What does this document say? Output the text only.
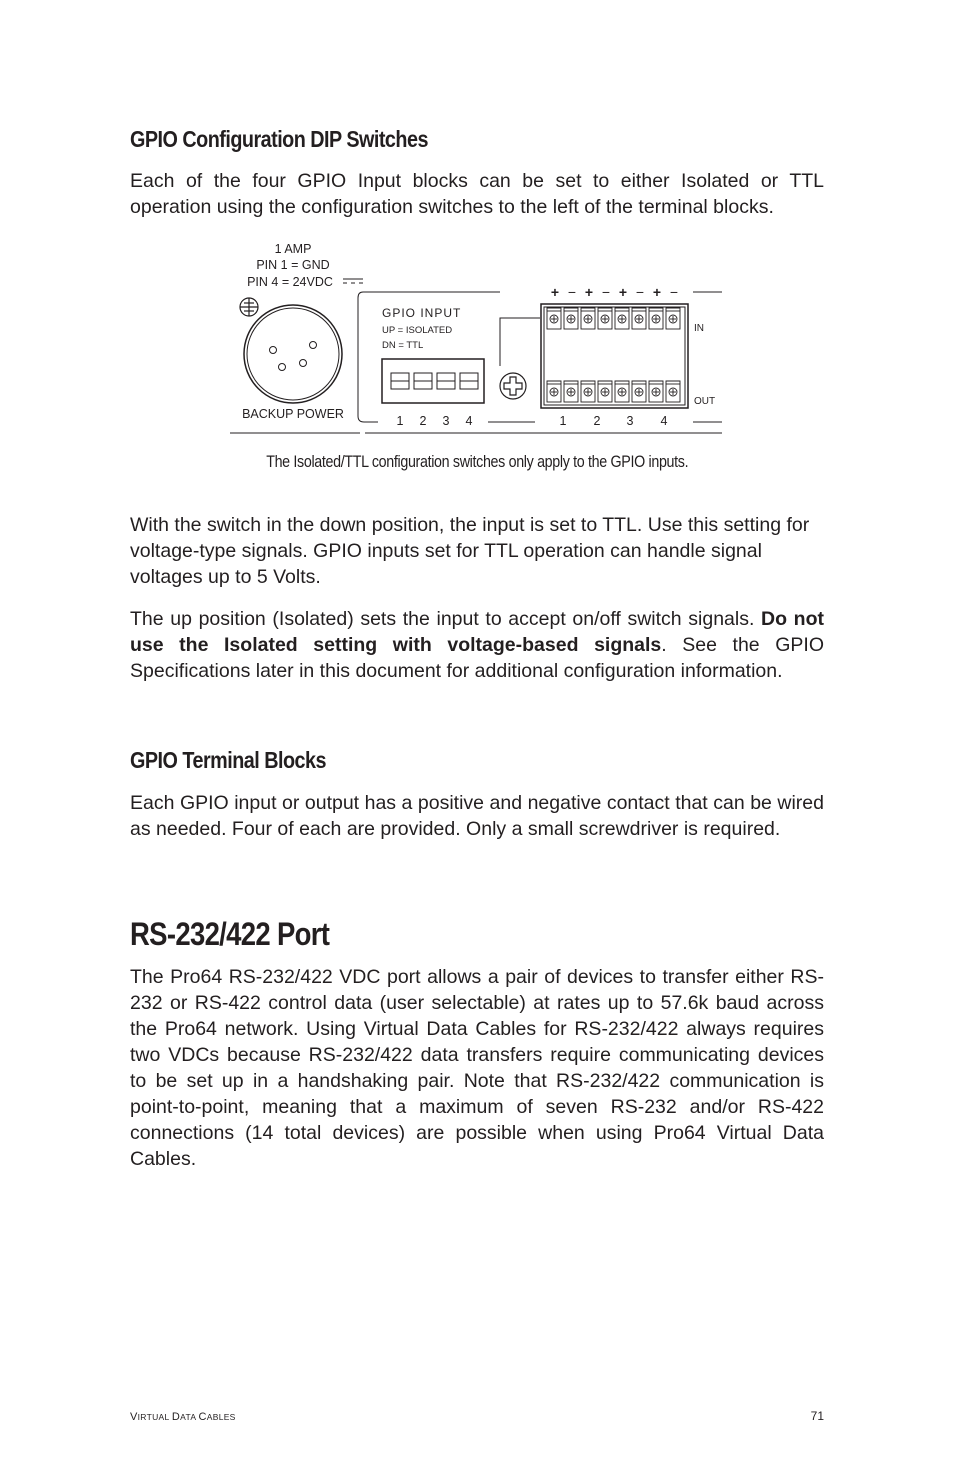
GPIO Configuration DIP Switches

Each of the four GPIO Input blocks can be set to either Isolated or TTL operation using the configuration switches to the left of the terminal blocks.

1 AMP
PIN 1 = GND
PIN 4 = 24VDC
BACKUP POWER
GPIO INPUT
UP = ISOLATED
DN = TTL
1 2 3 4
+ − + − + − + −
1 2 3 4
IN
OUT
The Isolated/TTL configuration switches only apply to the GPIO inputs.

With the switch in the down position, the input is set to TTL. Use this setting for voltage-type signals. GPIO inputs set for TTL operation can handle signal voltages up to 5 Volts.

The up position (Isolated) sets the input to accept on/off switch signals. Do not use the Isolated setting with voltage-based signals. See the GPIO Specifications later in this document for additional configuration information.

GPIO Terminal Blocks

Each GPIO input or output has a positive and negative contact that can be wired as needed. Four of each are provided. Only a small screwdriver is required.

RS-232/422 Port

The Pro64 RS-232/422 VDC port allows a pair of devices to transfer either RS-232 or RS-422 control data (user selectable) at rates up to 57.6k baud across the Pro64 network. Using Virtual Data Cables for RS-232/422 always requires two VDCs because RS-232/422 data transfers require communicating devices to be set up in a handshaking pair. Note that RS-232/422 communication is point-to-point, meaning that a maximum of seven RS-232 and/or RS-422 connections (14 total devices) are possible when using Pro64 Virtual Data Cables.

VIRTUAL DATA CABLES	71
